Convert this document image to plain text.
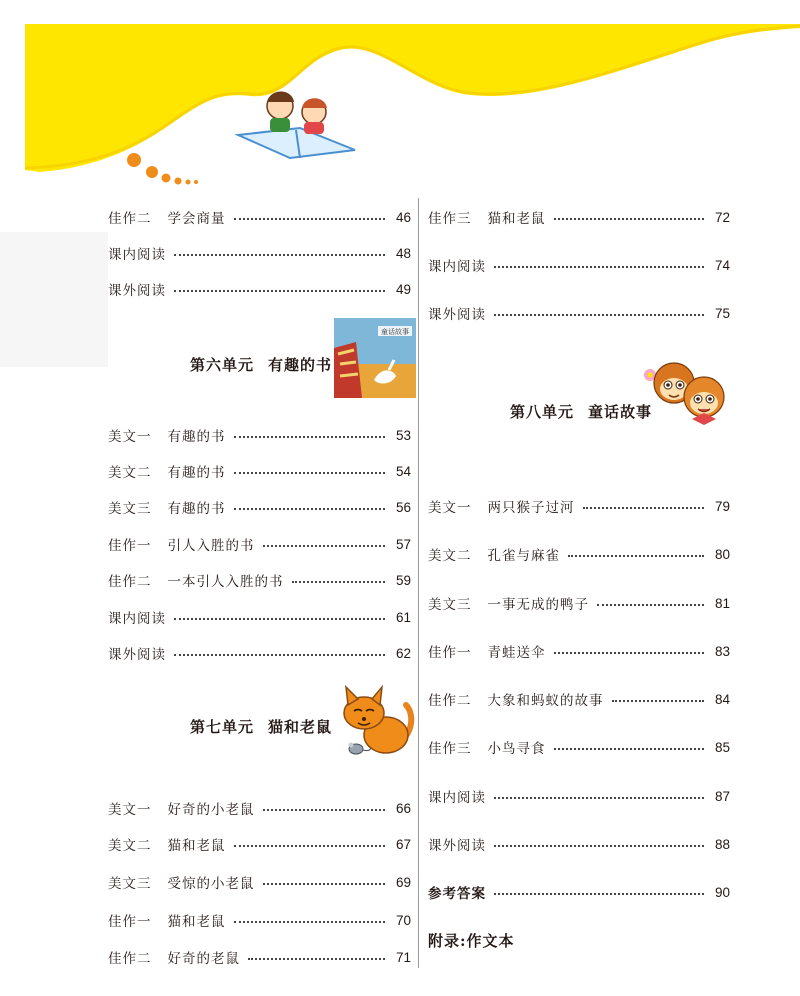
佳作二 学会商量	46
课内阅读	48
课外阅读	49
第六单元 有趣的书
童话故事
美文一 有趣的书	53
美文二 有趣的书	54
美文三 有趣的书	56
佳作一 引人入胜的书	57
佳作二 一本引人入胜的书	59
课内阅读	61
课外阅读	62
第七单元 猫和老鼠
美文一 好奇的小老鼠	66
美文二 猫和老鼠	67
美文三 受惊的小老鼠	69
佳作一 猫和老鼠	70
佳作二 好奇的老鼠	71
佳作三 猫和老鼠	72
课内阅读	74
课外阅读	75
第八单元 童话故事
美文一 两只猴子过河	79
美文二 孔雀与麻雀	80
美文三 一事无成的鸭子	81
佳作一 青蛙送伞	83
佳作二 大象和蚂蚁的故事	84
佳作三 小鸟寻食	85
课内阅读	87
课外阅读	88
参考答案	90
附录:作文本
